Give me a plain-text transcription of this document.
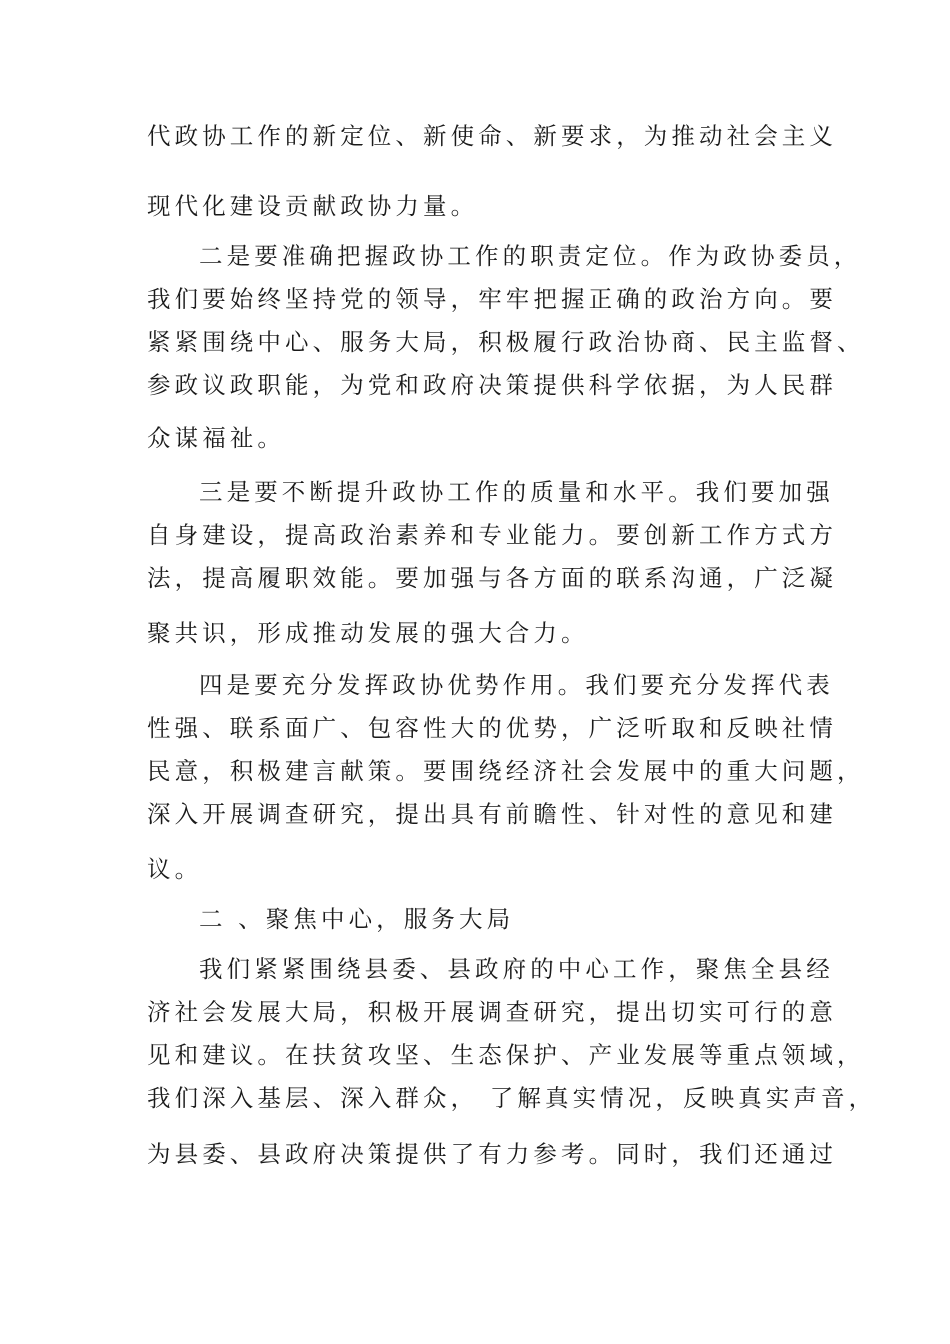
代政协工作的新定位、新使命、新要求，为推动社会主义
现代化建设贡献政协力量。
二是要准确把握政协工作的职责定位。作为政协委员，
我们要始终坚持党的领导，牢牢把握正确的政治方向。要
紧紧围绕中心、服务大局，积极履行政治协商、民主监督、
参政议政职能，为党和政府决策提供科学依据，为人民群
众谋福祉。
三是要不断提升政协工作的质量和水平。我们要加强
自身建设，提高政治素养和专业能力。要创新工作方式方
法，提高履职效能。要加强与各方面的联系沟通，广泛凝
聚共识，形成推动发展的强大合力。
四是要充分发挥政协优势作用。我们要充分发挥代表
性强、联系面广、包容性大的优势，广泛听取和反映社情
民意，积极建言献策。要围绕经济社会发展中的重大问题，
深入开展调查研究，提出具有前瞻性、针对性的意见和建
议。
二 、聚焦中心，服务大局
我们紧紧围绕县委、县政府的中心工作，聚焦全县经
济社会发展大局，积极开展调查研究，提出切实可行的意
见和建议。在扶贫攻坚、生态保护、产业发展等重点领域，
我们深入基层、深入群众， 了解真实情况，反映真实声音，
为县委、县政府决策提供了有力参考。同时，我们还通过
